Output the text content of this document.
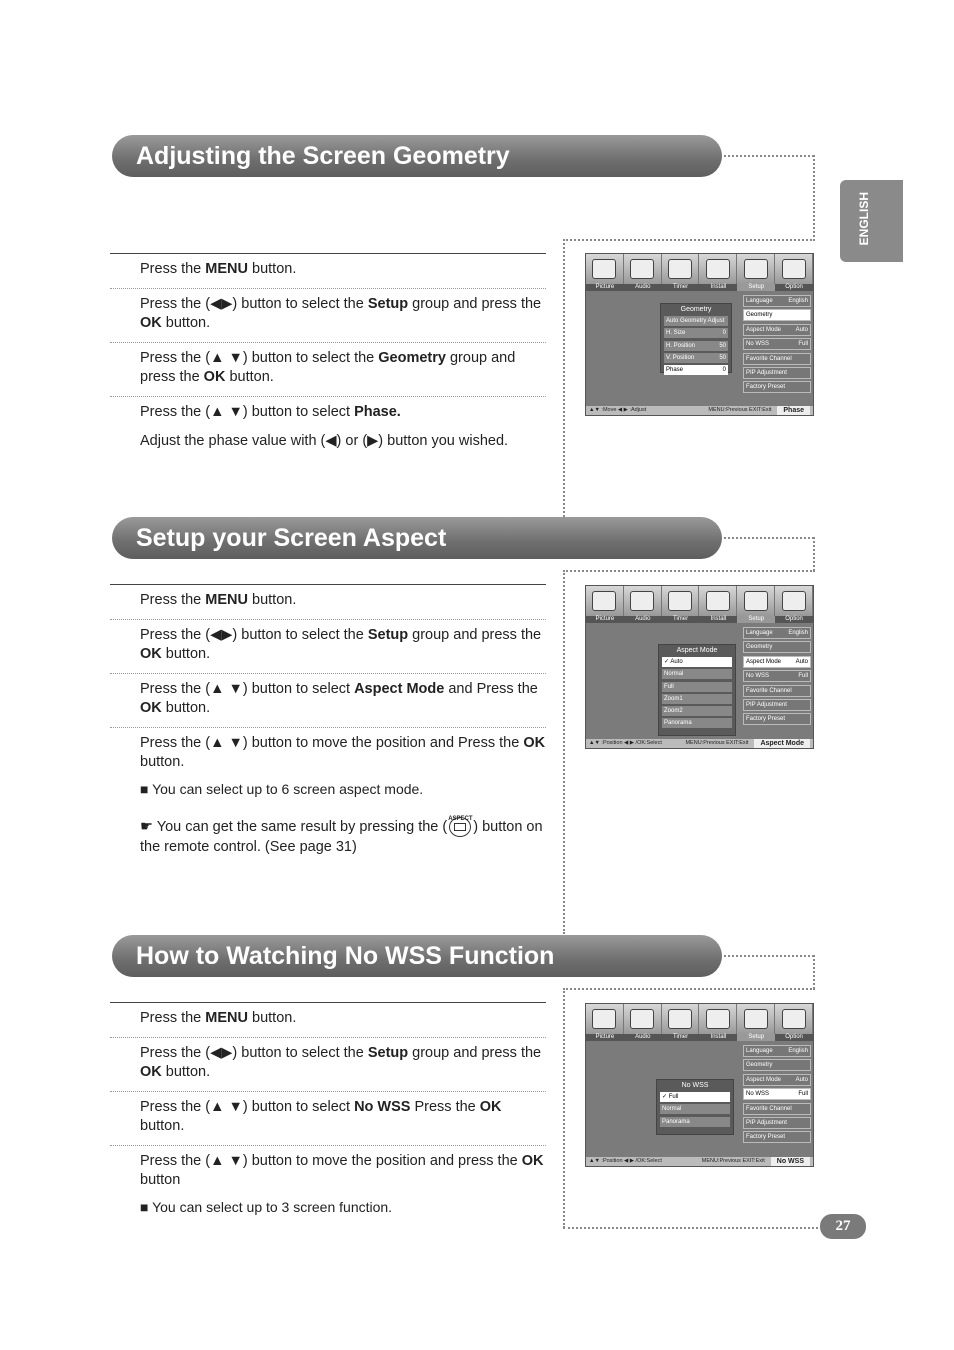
ENGLISH
27
Adjusting the Screen Geometry

Press the MENU button.

Press the (◀▶) button to select the Setup group and press the OK button.

Press the (▲ ▼) button to select the Geometry group and press the OK button.

Press the (▲ ▼) button to select Phase.

Adjust the phase value with (◀) or (▶) button you wished.

Picture	Audio	Timer	Install	Setup	Option
Language	English
Geometry
Aspect Mode Auto
No WSS	Full
Favorite Channel
PIP Adjustment
Factory Preset
Geometry
Auto Geometry Adjust
H. Size	0
H. Position	50
V. Position	50
Phase	0
▲▼ :Move ◀ ▶ :Adjust	MENU:Previous EXIT:Exit	Phase
Setup your Screen Aspect

Press the MENU button.

Press the (◀▶) button to select the Setup group and press the OK button.

Press the (▲ ▼) button to select Aspect Mode and Press the OK button.

Press the (▲ ▼) button to move the position and Press the OK button.

■ You can select up to 6 screen aspect mode.
☛ You can get the same result by pressing the ( ASPECT ) button on the remote control. (See page 31)
Picture	Audio	Timer	Install	Setup	Option
Language	English
Geometry
Aspect Mode Auto
No WSS	Full
Favorite Channel
PIP Adjustment
Factory Preset
Aspect Mode
✓ Auto
Normal
Full
Zoom1
Zoom2
Panorama
▲▼ :Position ◀ ▶ /OK:Select	MENU:Previous EXIT:Exit	Aspect Mode
How to Watching No WSS Function

Press the MENU button.

Press the (◀▶) button to select the Setup group and press the OK button.

Press the (▲ ▼) button to select No WSS Press the OK button.

Press the (▲ ▼) button to move the position and press the OK button

■ You can select up to 3 screen function.
Picture	Audio	Timer	Install	Setup	Option
Language	English
Geometry
Aspect Mode Auto
No WSS	Full
Favorite Channel
PIP Adjustment
Factory Preset
No WSS
✓ Full
Normal
Panorama
▲▼ :Position ◀ ▶ /OK:Select	MENU:Previous EXIT:Exit	No WSS
